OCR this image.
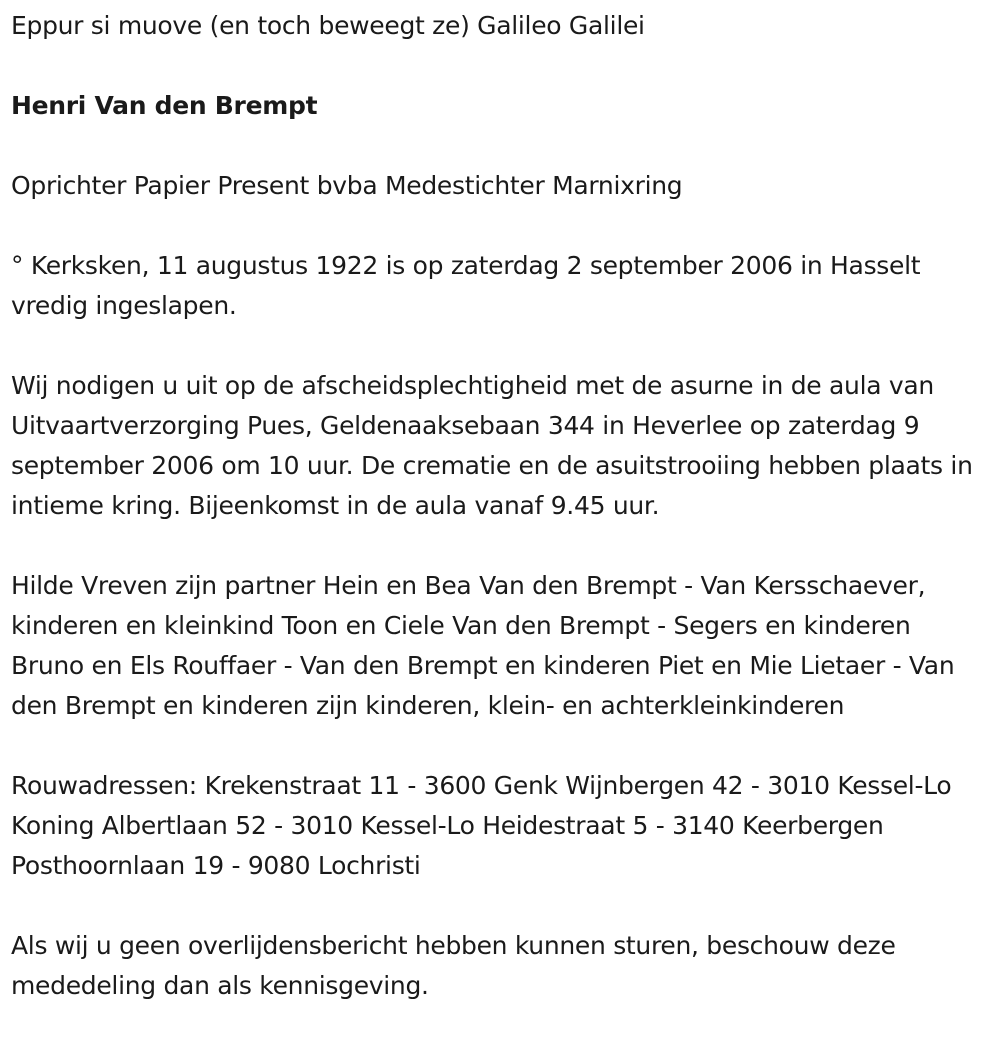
Eppur si muove (en toch beweegt ze) Galileo Galilei

Henri Van den Brempt

Oprichter Papier Present bvba Medestichter Marnixring

° Kerksken, 11 augustus 1922 is op zaterdag 2 september 2006 in Hasselt vredig ingeslapen.

Wij nodigen u uit op de afscheidsplechtigheid met de asurne in de aula van Uitvaartverzorging Pues, Geldenaaksebaan 344 in Heverlee op zaterdag 9 september 2006 om 10 uur. De crematie en de asuitstrooiing hebben plaats in intieme kring. Bijeenkomst in de aula vanaf 9.45 uur.

Hilde Vreven zijn partner Hein en Bea Van den Brempt - Van Kersschaever, kinderen en kleinkind Toon en Ciele Van den Brempt - Segers en kinderen Bruno en Els Rouffaer - Van den Brempt en kinderen Piet en Mie Lietaer - Van den Brempt en kinderen zijn kinderen, klein- en achterkleinkinderen

Rouwadressen: Krekenstraat 11 - 3600 Genk Wijnbergen 42 - 3010 Kessel-Lo Koning Albertlaan 52 - 3010 Kessel-Lo Heidestraat 5 - 3140 Keerbergen Posthoornlaan 19 - 9080 Lochristi

Als wij u geen overlijdensbericht hebben kunnen sturen, beschouw deze mededeling dan als kennisgeving.
